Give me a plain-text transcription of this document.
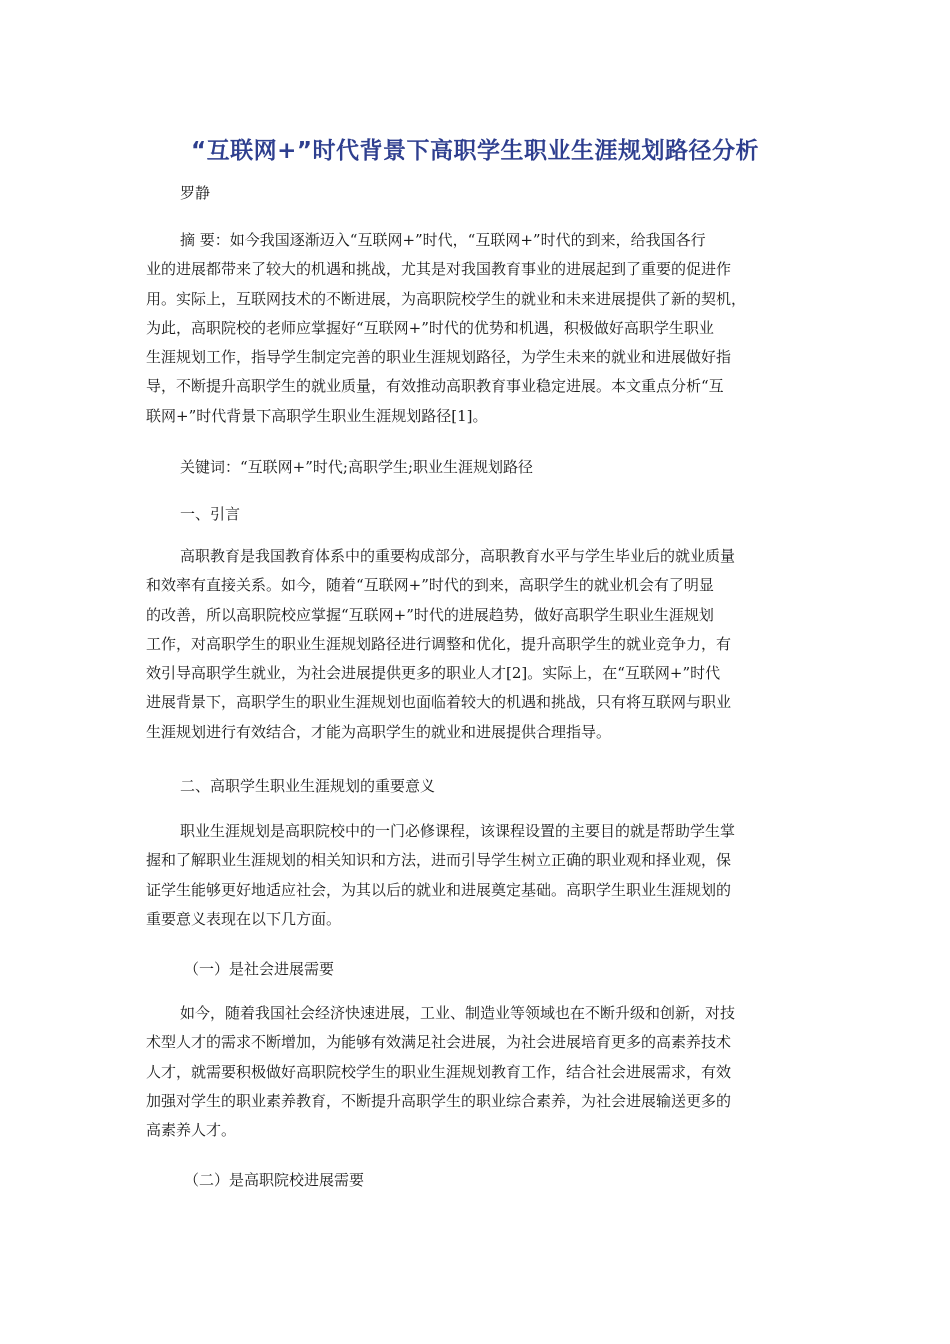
“互联网+”时代背景下高职学生职业生涯规划路径分析
罗静
摘 要：如今我国逐渐迈入“互联网+”时代，“互联网+”时代的到来，给我国各行
业的进展都带来了较大的机遇和挑战，尤其是对我国教育事业的进展起到了重要的促进作
用。实际上，互联网技术的不断进展，为高职院校学生的就业和未来进展提供了新的契机，
为此，高职院校的老师应掌握好“互联网+”时代的优势和机遇，积极做好高职学生职业
生涯规划工作，指导学生制定完善的职业生涯规划路径，为学生未来的就业和进展做好指
导，不断提升高职学生的就业质量，有效推动高职教育事业稳定进展。本文重点分析“互
联网+”时代背景下高职学生职业生涯规划路径[1]。
关键词：“互联网+”时代;高职学生;职业生涯规划路径
一、引言
高职教育是我国教育体系中的重要构成部分，高职教育水平与学生毕业后的就业质量
和效率有直接关系。如今，随着“互联网+”时代的到来，高职学生的就业机会有了明显
的改善，所以高职院校应掌握“互联网+”时代的进展趋势，做好高职学生职业生涯规划
工作，对高职学生的职业生涯规划路径进行调整和优化，提升高职学生的就业竞争力，有
效引导高职学生就业，为社会进展提供更多的职业人才[2]。实际上，在“互联网+”时代
进展背景下，高职学生的职业生涯规划也面临着较大的机遇和挑战，只有将互联网与职业
生涯规划进行有效结合，才能为高职学生的就业和进展提供合理指导。
二、高职学生职业生涯规划的重要意义
职业生涯规划是高职院校中的一门必修课程，该课程设置的主要目的就是帮助学生掌
握和了解职业生涯规划的相关知识和方法，进而引导学生树立正确的职业观和择业观，保
证学生能够更好地适应社会，为其以后的就业和进展奠定基础。高职学生职业生涯规划的
重要意义表现在以下几方面。
（一）是社会进展需要
如今，随着我国社会经济快速进展，工业、制造业等领域也在不断升级和创新，对技
术型人才的需求不断增加，为能够有效满足社会进展，为社会进展培育更多的高素养技术
人才，就需要积极做好高职院校学生的职业生涯规划教育工作，结合社会进展需求，有效
加强对学生的职业素养教育，不断提升高职学生的职业综合素养，为社会进展输送更多的
高素养人才。
（二）是高职院校进展需要
